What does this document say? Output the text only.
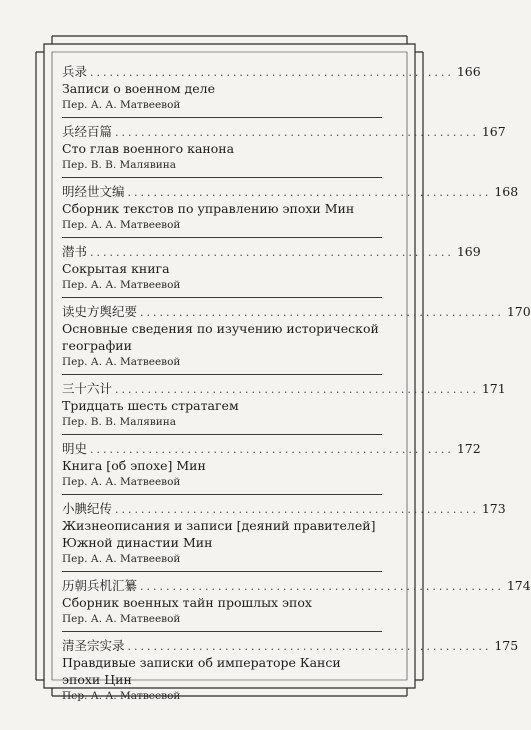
兵录 ........................................................ 166
Записи о военном деле
Пер. А. А. Матвеевой
兵经百篇 ........................................................ 167
Сто глав военного канона
Пер. В. В. Малявина
明经世文编 ........................................................ 168
Сборник текстов по управлению эпохи Мин
Пер. А. А. Матвеевой
潜书 ........................................................ 169
Сокрытая книга
Пер. А. А. Матвеевой
读史方舆纪要 ........................................................ 170
Основные сведения по изучению исторической географии
Пер. А. А. Матвеевой
三十六计 ........................................................ 171
Тридцать шесть стратагем
Пер. В. В. Малявина
明史 ........................................................ 172
Книга [об эпохе] Мин
Пер. А. А. Матвеевой
小腆纪传 ........................................................ 173
Жизнеописания и записи [деяний правителей] Южной династии Мин
Пер. А. А. Матвеевой
历朝兵机汇纂 ........................................................ 174
Сборник военных тайн прошлых эпох
Пер. А. А. Матвеевой
清圣宗实录 ........................................................ 175
Правдивые записки об императоре Канси эпохи Цин
Пер. А. А. Матвеевой
